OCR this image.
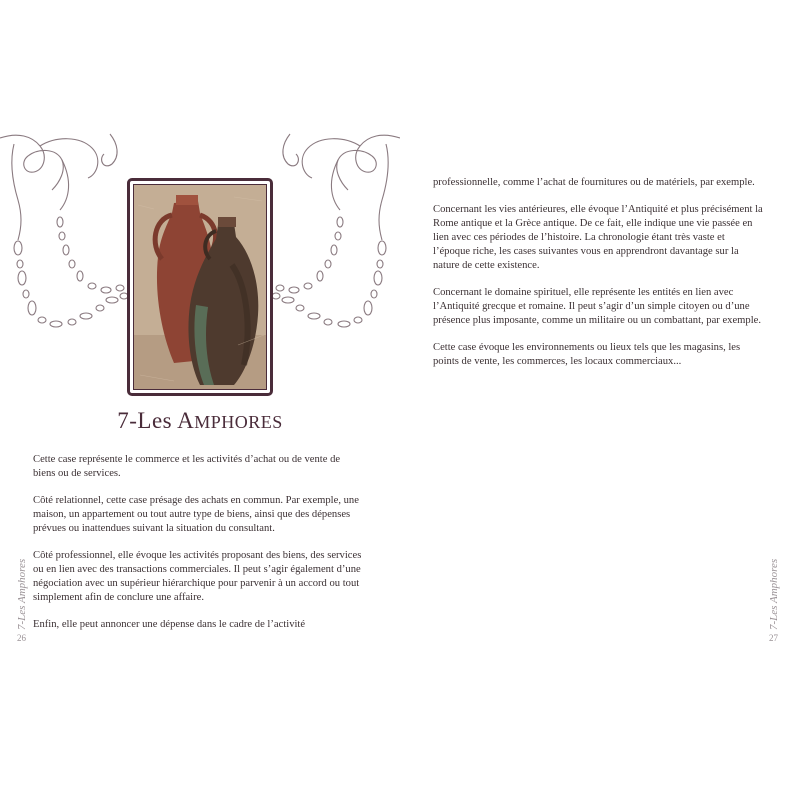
7-Les AMPHORES

Cette case représente le commerce et les activités d’achat ou de vente de biens ou de services.

Côté relationnel, cette case présage des achats en commun. Par exemple, une maison, un appartement ou tout autre type de biens, ainsi que des dépenses prévues ou inattendues suivant la situation du consultant.

Côté professionnel, elle évoque les activités proposant des biens, des services ou en lien avec des transactions commerciales. Il peut s’agir également d’une négociation avec un supérieur hiérarchique pour parvenir à un accord ou tout simplement afin de conclure une affaire.

Enfin, elle peut annoncer une dépense dans le cadre de l’activité

7-Les Amphores
26

professionnelle, comme l’achat de fournitures ou de matériels, par exemple.

Concernant les vies antérieures, elle évoque l’Antiquité et plus précisément la Rome antique et la Grèce antique. De ce fait, elle indique une vie passée en lien avec ces périodes de l’histoire. La chronologie étant très vaste et l’époque riche, les cases suivantes vous en apprendront davantage sur la nature de cette existence.

Concernant le domaine spirituel, elle représente les entités en lien avec l’Antiquité grecque et romaine. Il peut s’agir d’un simple citoyen ou d’une présence plus imposante, comme un militaire ou un combattant, par exemple.

Cette case évoque les environnements ou lieux tels que les magasins, les points de vente, les commerces, les locaux commerciaux...

7-Les Amphores
27
